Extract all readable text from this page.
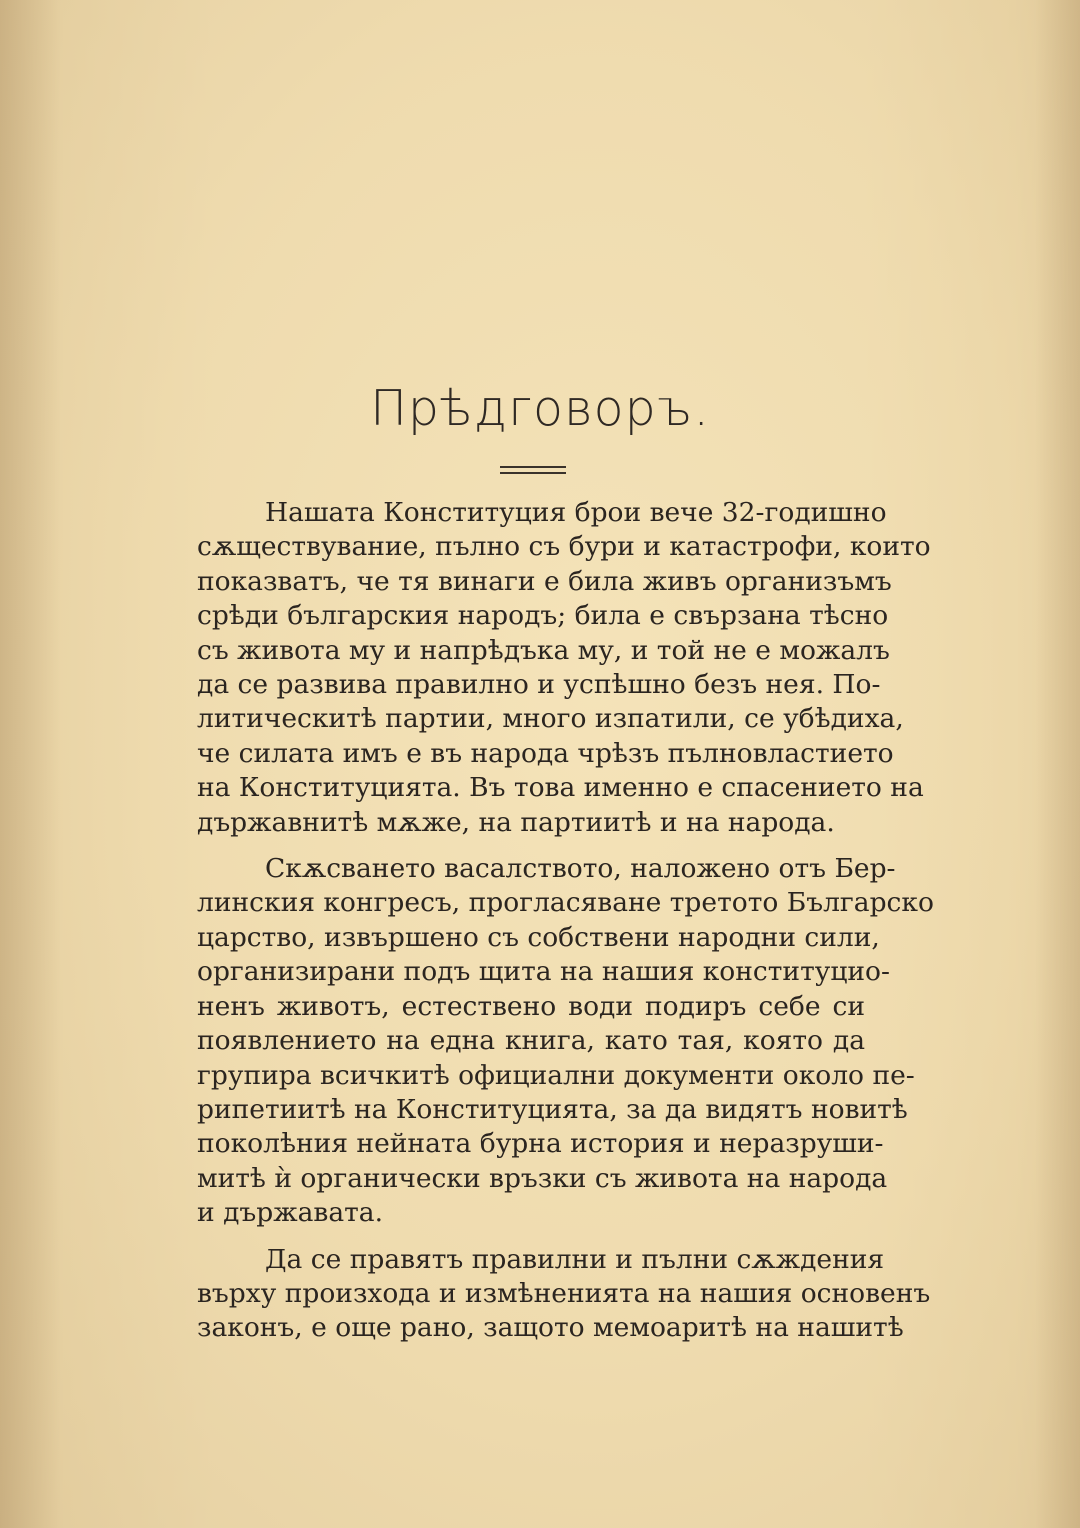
Прѣдговоръ.
Нашата Конституция брои вече 32-годишно
сѫществувание, пълно съ бури и катастрофи, които
показватъ, че тя винаги е била живъ организъмъ
срѣди българския народъ; била е свързана тѣсно
съ живота му и напрѣдъка му, и той не е можалъ
да се развива правилно и успѣшно безъ нея. По-
литическитѣ партии, много изпатили, се убѣдиха,
че силата имъ е въ народа чрѣзъ пълновластието
на Конституцията. Въ това именно е спасението на
държавнитѣ мѫже, на партиитѣ и на народа.
Скѫсването васалството, наложено отъ Бер-
линския конгресъ, прогласяване третото Българско
царство, извършено съ собствени народни сили,
организирани подъ щита на нашия конституцио-
ненъ животъ, естествено води подиръ себе си
появлението на една книга, като тая, която да
групира всичкитѣ официални документи около пе-
рипетиитѣ на Конституцията, за да видятъ новитѣ
поколѣния нейната бурна история и неразруши-
митѣ ѝ органически връзки съ живота на народа
и държавата.
Да се правятъ правилни и пълни сѫждения
върху произхода и измѣненията на нашия основенъ
законъ, е още рано, защото мемоаритѣ на нашитѣ
